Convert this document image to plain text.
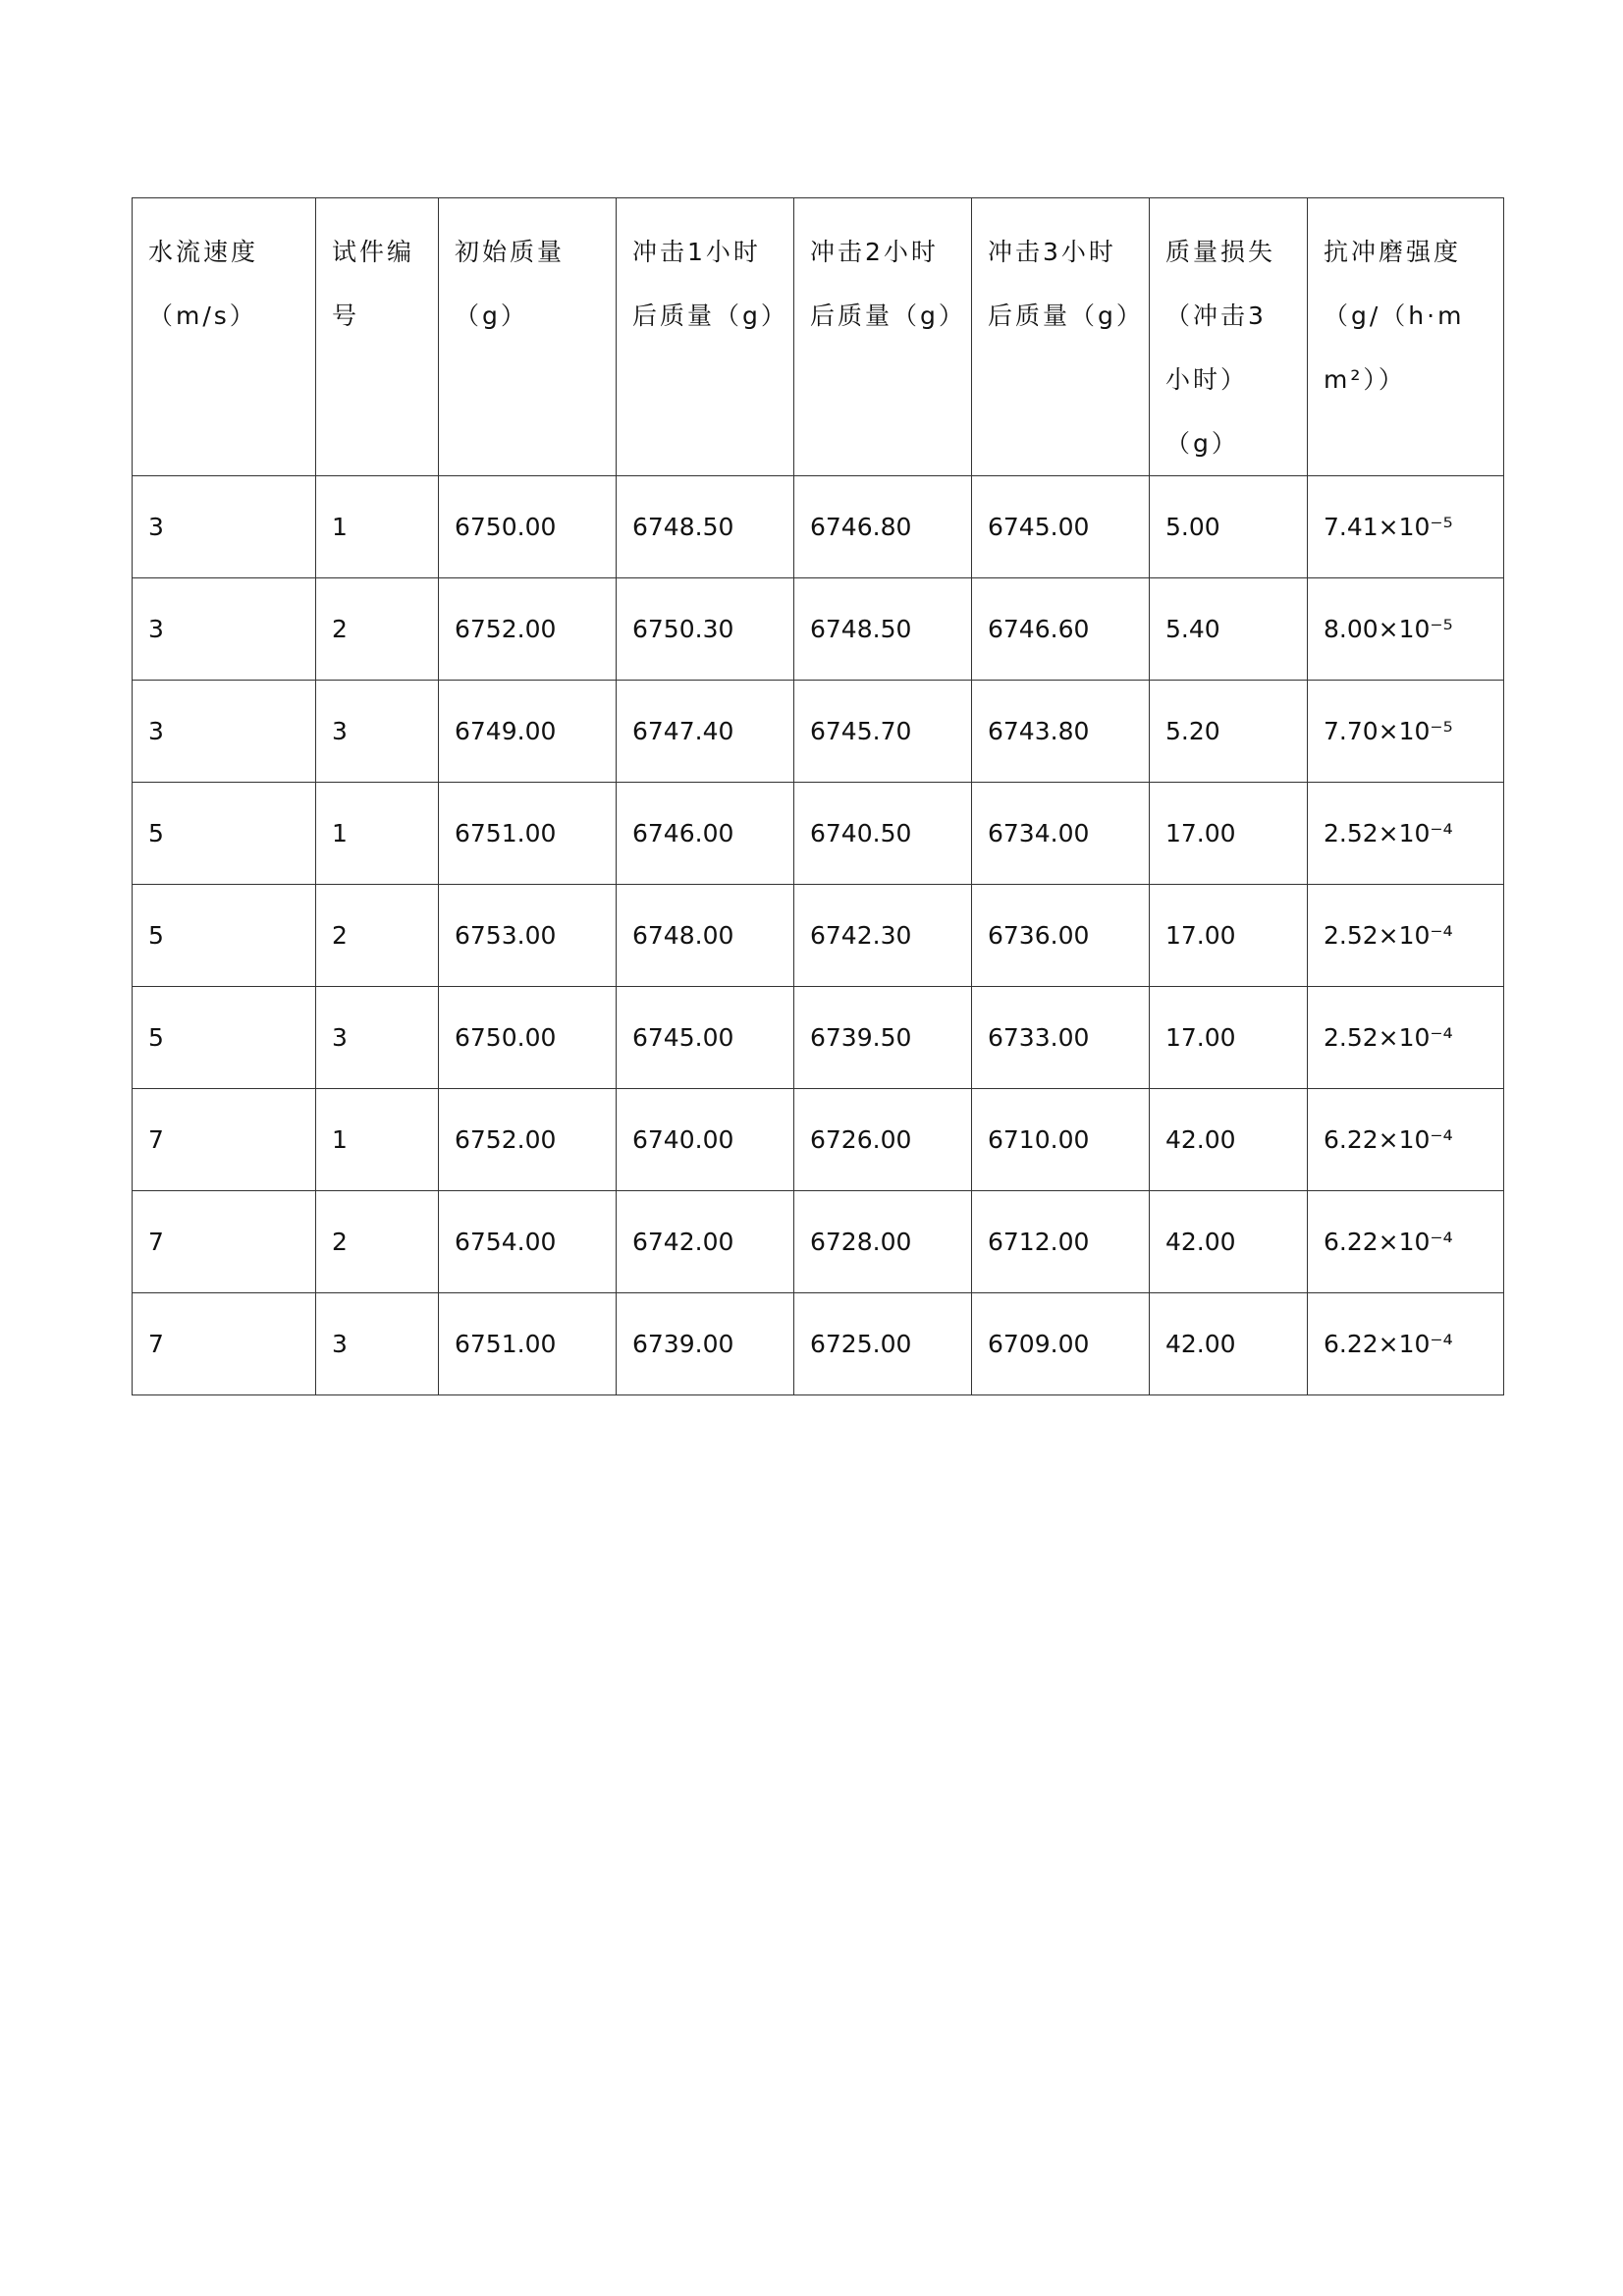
水流速度（m/s）	试件编号	初始质量（g）	冲击1小时后质量（g）	冲击2小时后质量（g）	冲击3小时后质量（g）	质量损失（冲击3小时）（g）	抗冲磨强度（g/（h·mm²））
3	1	6750.00	6748.50	6746.80	6745.00	5.00	7.41×10⁻⁵
3	2	6752.00	6750.30	6748.50	6746.60	5.40	8.00×10⁻⁵
3	3	6749.00	6747.40	6745.70	6743.80	5.20	7.70×10⁻⁵
5	1	6751.00	6746.00	6740.50	6734.00	17.00	2.52×10⁻⁴
5	2	6753.00	6748.00	6742.30	6736.00	17.00	2.52×10⁻⁴
5	3	6750.00	6745.00	6739.50	6733.00	17.00	2.52×10⁻⁴
7	1	6752.00	6740.00	6726.00	6710.00	42.00	6.22×10⁻⁴
7	2	6754.00	6742.00	6728.00	6712.00	42.00	6.22×10⁻⁴
7	3	6751.00	6739.00	6725.00	6709.00	42.00	6.22×10⁻⁴
